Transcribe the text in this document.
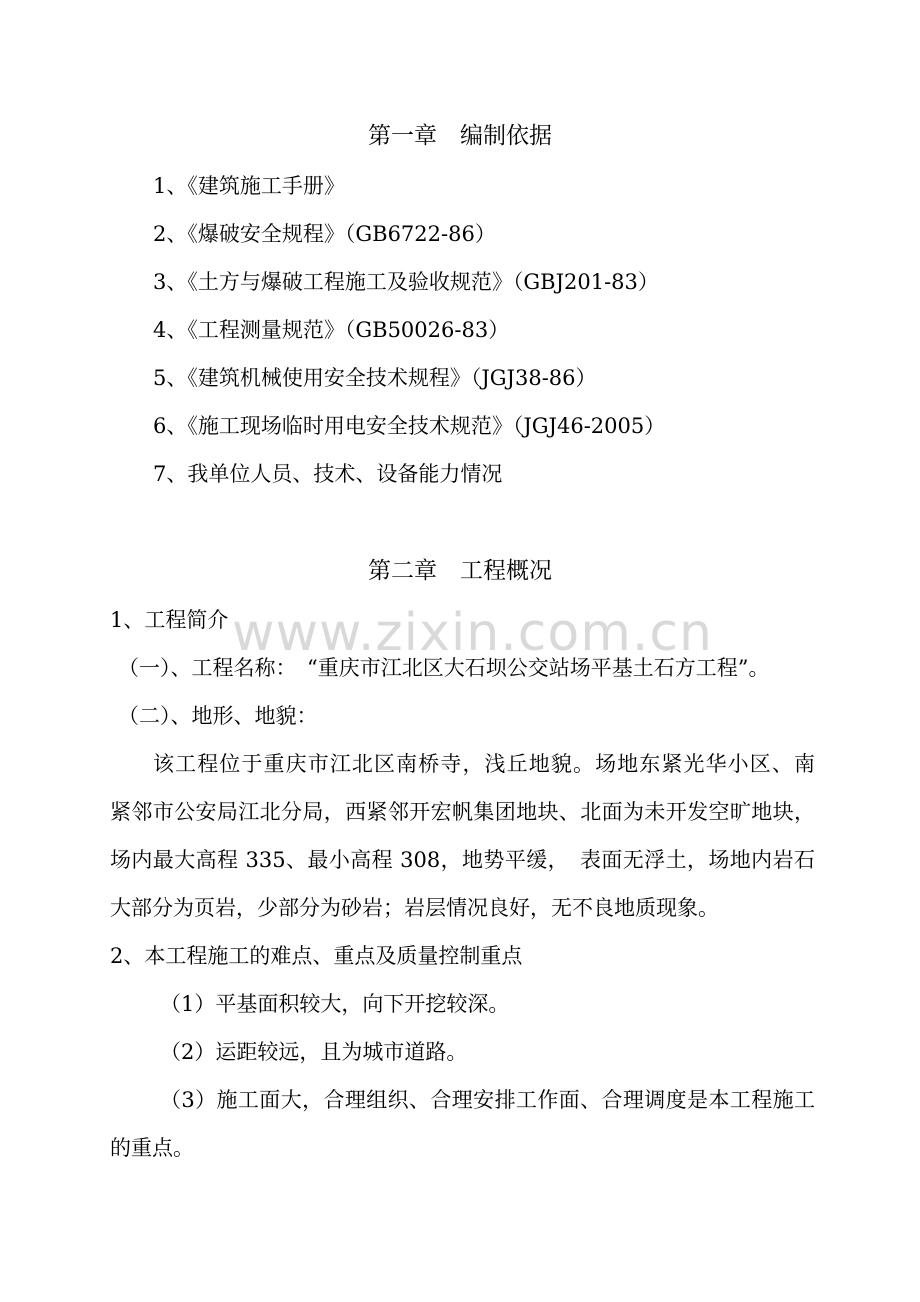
www.zixin.com.cn
第一章　编制依据
1、《建筑施工手册》
2、《爆破安全规程》（GB6722-86）
3、《土方与爆破工程施工及验收规范》（GBJ201-83）
4、《工程测量规范》（GB50026-83）
5、《建筑机械使用安全技术规程》（JGJ38-86）
6、《施工现场临时用电安全技术规范》（JGJ46-2005）
7、我单位人员、技术、设备能力情况
第二章　工程概况
1、工程简介
（一）、工程名称：　“重庆市江北区大石坝公交站场平基土石方工程”。
（二）、地形、地貌：
该工程位于重庆市江北区南桥寺，浅丘地貌。场地东紧光华小区、南
紧邻市公安局江北分局，西紧邻开宏帆集团地块、北面为未开发空旷地块，
场内最大高程 335、最小高程 308，地势平缓，　表面无浮土，场地内岩石
大部分为页岩，少部分为砂岩；岩层情况良好，无不良地质现象。
2、本工程施工的难点、重点及质量控制重点
（1）平基面积较大，向下开挖较深。
（2）运距较远，且为城市道路。
（3）施工面大，合理组织、合理安排工作面、合理调度是本工程施工
的重点。
